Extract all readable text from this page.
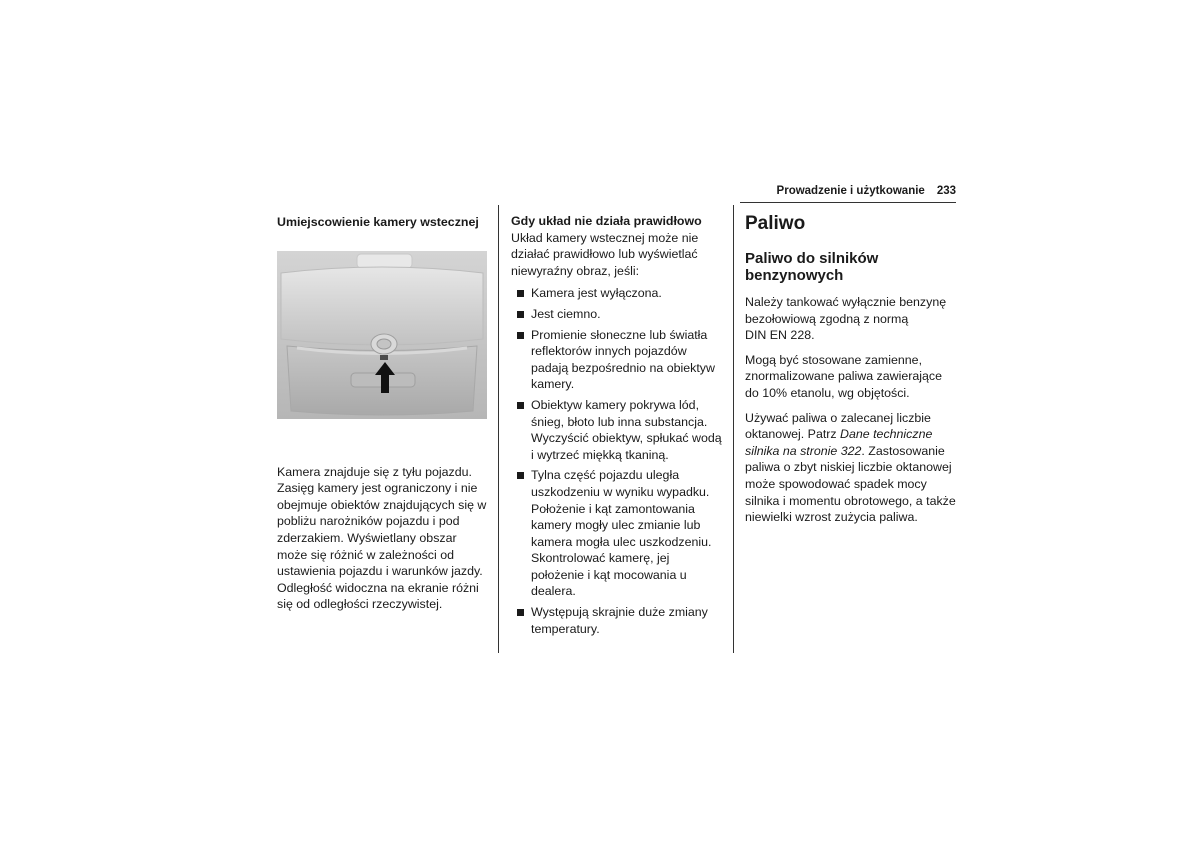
Prowadzenie i użytkowanie 233
Umiejscowienie kamery wstecznej

Kamera znajduje się z tyłu pojazdu. Zasięg kamery jest ograniczony i nie obejmuje obiektów znajdujących się w pobliżu narożników pojazdu i pod zderzakiem. Wyświetlany obszar może się różnić w zależności od ustawienia pojazdu i warunków jazdy. Odległość widoczna na ekranie różni się od odległości rzeczywistej.

Gdy układ nie działa prawidłowo

Układ kamery wstecznej może nie działać prawidłowo lub wyświetlać niewyraźny obraz, jeśli:

Kamera jest wyłączona.
Jest ciemno.
Promienie słoneczne lub światła reflektorów innych pojazdów padają bezpośrednio na obiektyw kamery.
Obiektyw kamery pokrywa lód, śnieg, błoto lub inna substancja. Wyczyścić obiektyw, spłukać wodą i wytrzeć miękką tkaniną.
Tylna część pojazdu uległa uszkodzeniu w wyniku wypadku. Położenie i kąt zamontowania kamery mogły ulec zmianie lub kamera mogła ulec uszkodzeniu. Skontrolować kamerę, jej położenie i kąt mocowania u dealera.
Występują skrajnie duże zmiany temperatury.
Paliwo
Paliwo do silników benzynowych

Należy tankować wyłącznie benzynę bezołowiową zgodną z normą
DIN EN 228.

Mogą być stosowane zamienne, znormalizowane paliwa zawierające do 10% etanolu, wg objętości.

Używać paliwa o zalecanej liczbie oktanowej. Patrz Dane techniczne silnika na stronie 322. Zastosowanie paliwa o zbyt niskiej liczbie oktanowej może spowodować spadek mocy silnika i momentu obrotowego, a także niewielki wzrost zużycia paliwa.
